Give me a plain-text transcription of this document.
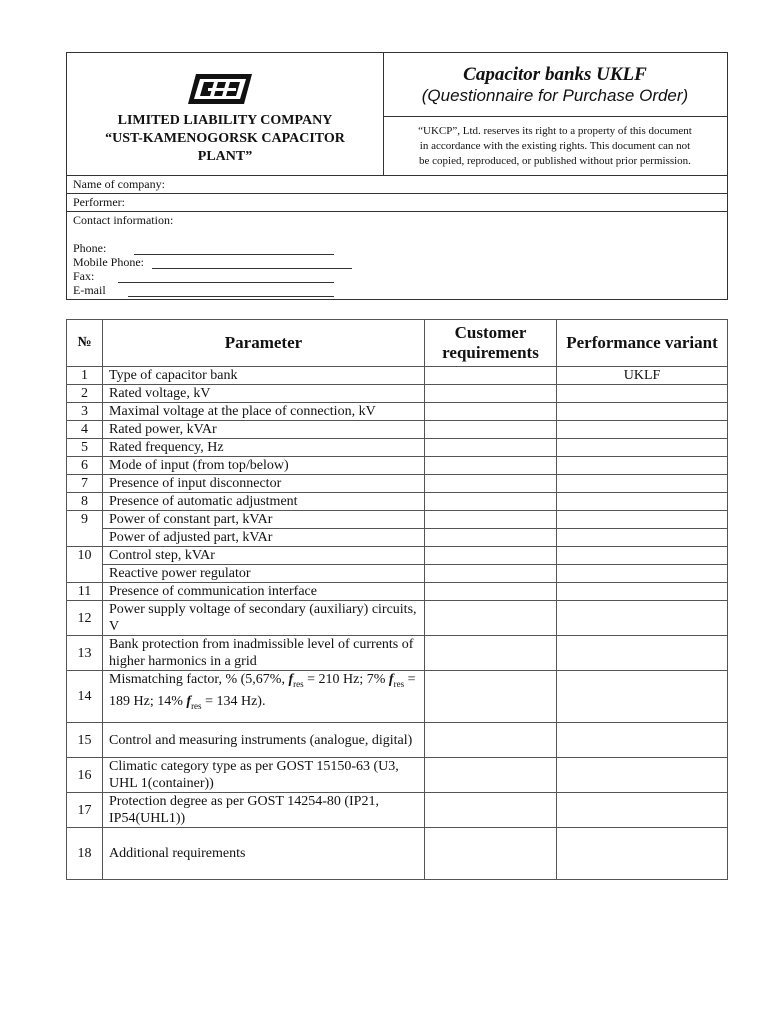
LIMITED LIABILITY COMPANY
“UST-KAMENOGORSK CAPACITOR
PLANT”
Capacitor banks UKLF
(Questionnaire for Purchase Order)
“UKCP”, Ltd. reserves its right to a property of this document
in accordance with the existing rights. This document can not
be copied, reproduced, or published without prior permission.
Name of company:
Performer:
Contact information:
Phone:
Mobile Phone:
Fax:
E-mail
№	Parameter	Customer requirements	Performance variant
1	Type of capacitor bank		UKLF
2	Rated voltage, kV		
3	Maximal voltage at the place of connection, kV		
4	Rated power, kVAr		
5	Rated frequency, Hz		
6	Mode of input (from top/below)		
7	Presence of input disconnector		
8	Presence of automatic adjustment		
9	Power of constant part, kVAr		
	Power of adjusted part, kVAr		
10	Control step, kVAr		
	Reactive power regulator		
11	Presence of communication interface		
12	Power supply voltage of secondary (auxiliary) circuits, V		
13	Bank protection from inadmissible level of currents of higher harmonics in a grid		
14	Mismatching factor, % (5,67%, $f_{res} = 210$ Hz; 7% $f_{res} = 189$ Hz; 14% $f_{res} = 134$ Hz).		
15	Control and measuring instruments (analogue, digital)		
16	Climatic category type as per GOST 15150-63 (U3, UHL 1(container))		
17	Protection degree as per GOST 14254-80 (IP21, IP54(UHL1))		
18	Additional requirements		
